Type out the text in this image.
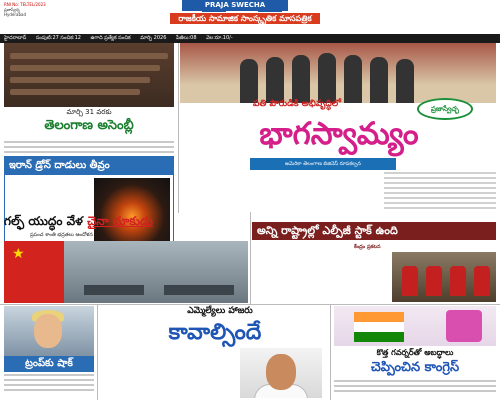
RNI No: TELTEL/2023
ప్రజాస్వేచ్ఛ
Hyderabad
PRAJA SWECHA
రాజకీయ సామాజిక సాంస్కృతిక మాసపత్రిక
హైదరాబాద్ సంపుటి:27 సంచిక:12 ఉగాది ప్రత్యేక సంచిక మార్చి 2026 పేజీలు:08 వెల:రూ.10/-
మార్చి 31 వరకు
తెలంగాణ అసెంబ్లీ
ఇరాన్ డ్రోన్ దాడులు తీవ్రం
పతి పౌరుడికి అభివృద్ధిలో	ప్రజాస్వేచ్ఛ
భాగస్వామ్యం
అమెరికా తెలంగాణ బిజినెస్ రూపకల్పన
గల్ఫ్ యుద్ధం వేళ చైనా దూకుడు
ప్రపంచ శాంతి భద్రతలు ఆందోళన
★
అన్ని రాష్ట్రాల్లో ఎల్పీజీ స్టాక్ ఉంది
కేంద్రం ప్రకటన
ట్రంప్‌కు షాక్
ఎమ్మెల్యేలు హాజరు
కావాల్సిందే
కొత్త గవర్నర్‌తో అబద్ధాలు
చెప్పించిన కాంగ్రెస్
